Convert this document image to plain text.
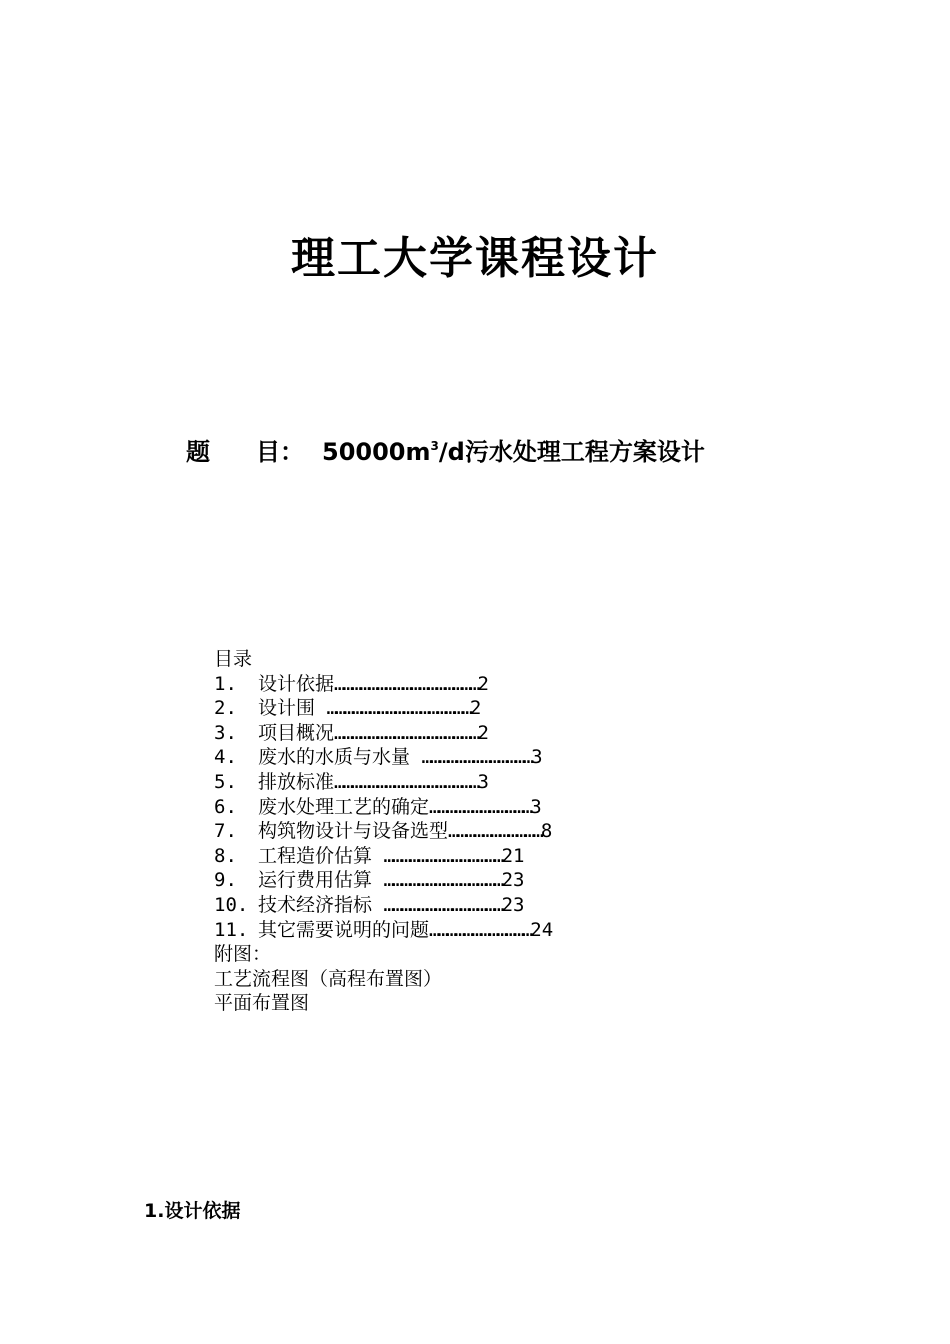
理工大学课程设计
题 目： $50000m^3/d$污水处理工程方案设计
目录
1.	设计依据 …………………………………………… 2
2.	设计围 …………………………………………… 2
3.	项目概况 …………………………………………… 2
4.	废水的水质与水量 ………………………………… 3
5.	排放标准 …………………………………………… 3
6.	废水处理工艺的确定 ……………………………… 3
7.	构筑物设计与设备选型 …………………………… 8
8.	工程造价估算 …………………………………… 21
9.	运行费用估算 …………………………………… 23
10. 技术经济指标 …………………………………… 23
11. 其它需要说明的问题 ……………………………… 24
附图：
工艺流程图（高程布置图）
平面布置图
1.设计依据
